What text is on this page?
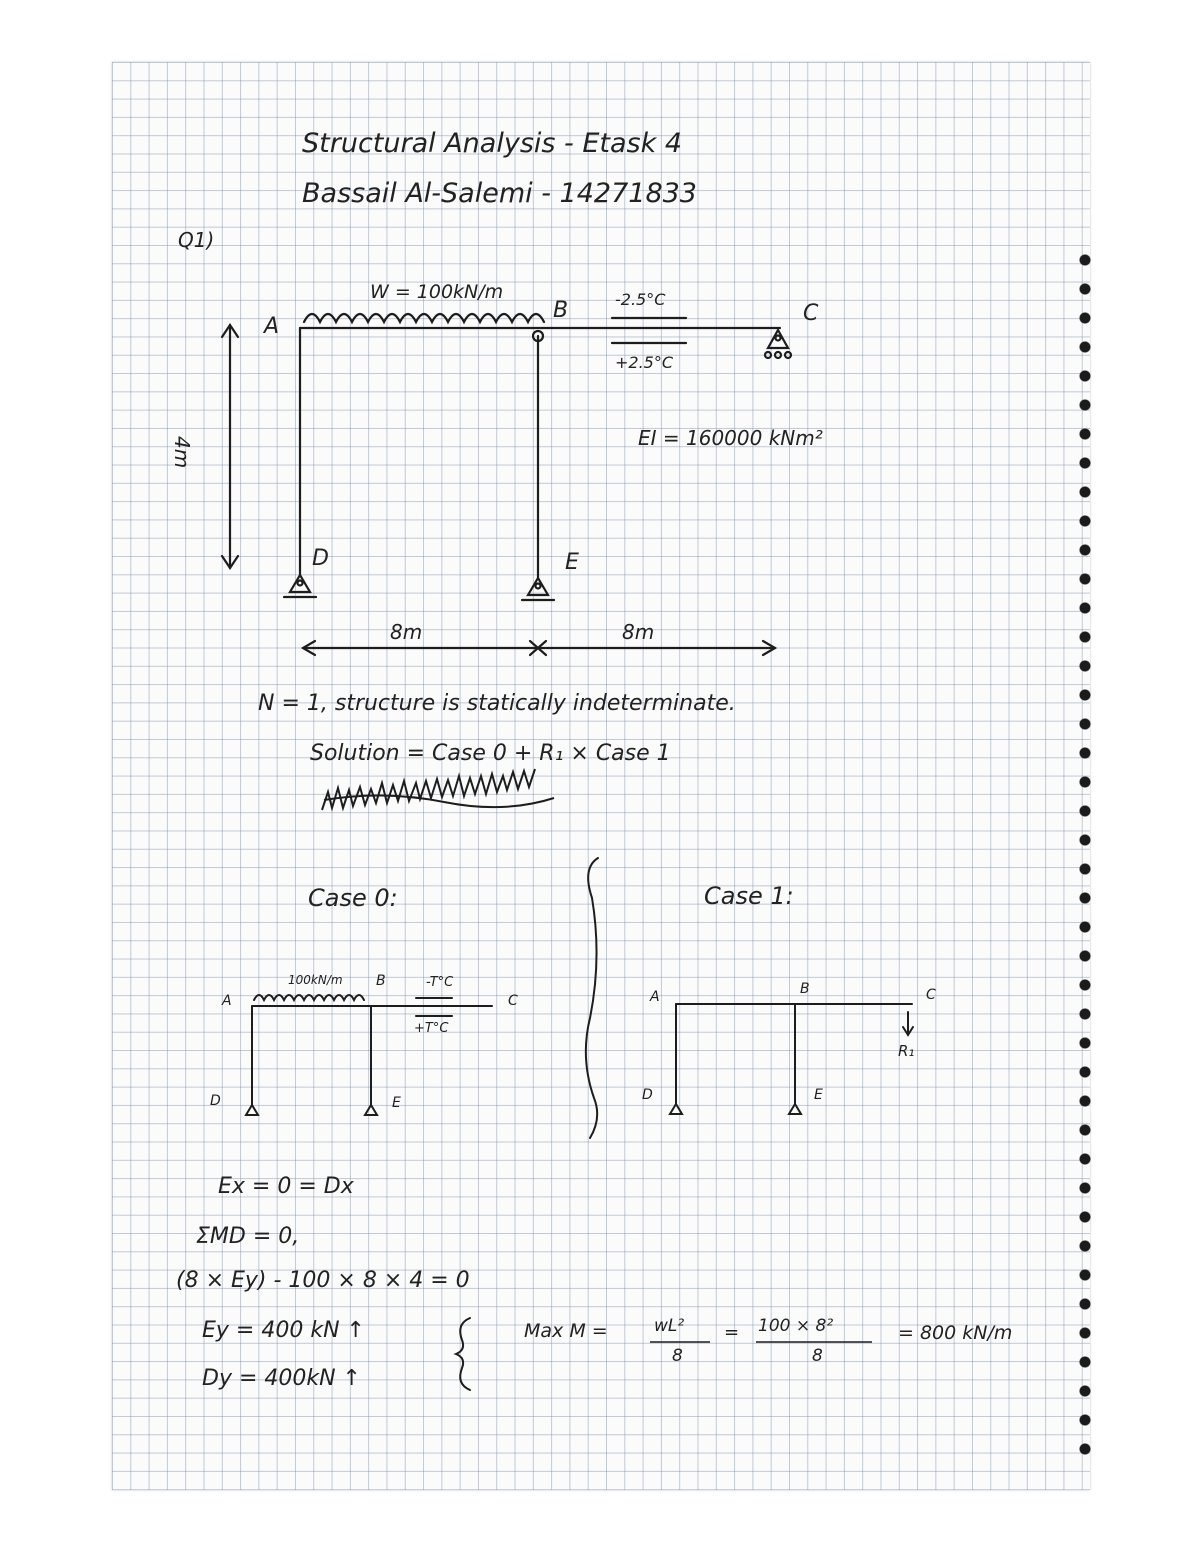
Structural Analysis - Etask 4
Bassail Al-Salemi - 14271833
Q1)
W = 100kN/m
A
B	C
D	E
-2.5°C
+2.5°C
EI = 160000 kNm²
4m
8m	8m
N = 1, structure is statically indeterminate.
Solution = Case 0 + R₁ × Case 1
Case 0:	Case 1:
100kN/m
A
B
C
D	E
-T°C
+T°C
A	B	C
D	E
R₁
Ex = 0 = Dx
ΣMD = 0,
(8 × Ey) - 100 × 8 × 4 = 0
Ey = 400 kN ↑
Dy = 400kN ↑
Max M =	wL²
8
= 100 × 8²
8
= 800 kN/m
